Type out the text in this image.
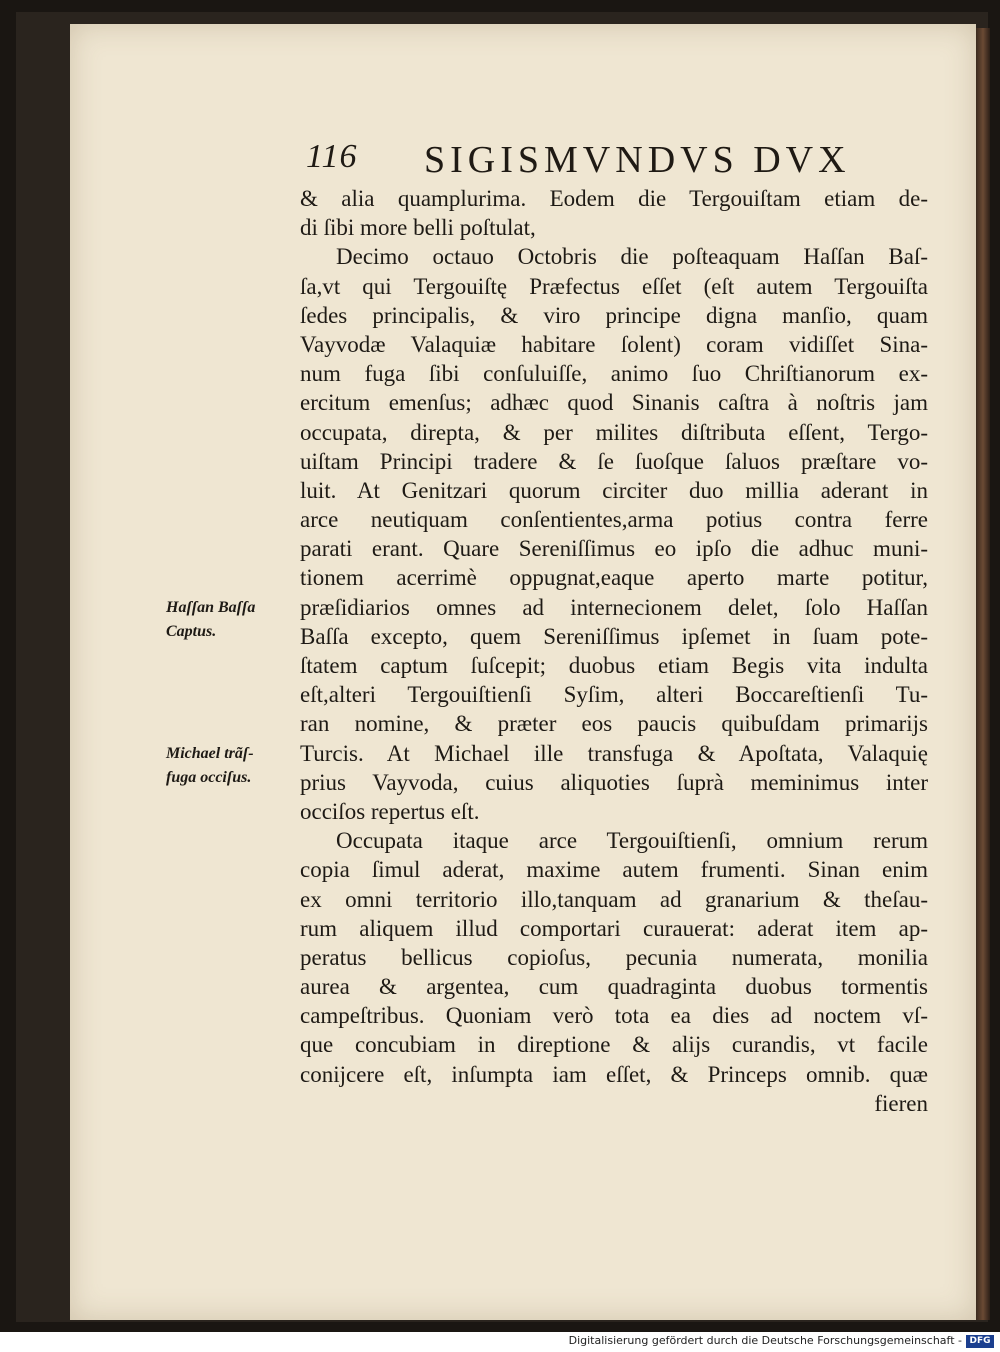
116 SIGISMVNDVS DVX
Haſſan Baſſa
Captus.
Michael trãſ-
fuga occiſus.
& alia quamplurima. Eodem die Tergouiſtam etiam de-
di ſibi more belli poſtulat,
Decimo octauo Octobris die poſteaquam Haſſan Baſ-
ſa,vt qui Tergouiſtę Præfectus eſſet (eſt autem Tergouiſta
ſedes principalis, & viro principe digna manſio, quam
Vayvodæ Valaquiæ habitare ſolent) coram vidiſſet Sina-
num fuga ſibi conſuluiſſe, animo ſuo Chriſtianorum ex-
ercitum emenſus; adhæc quod Sinanis caſtra à noſtris jam
occupata, direpta, & per milites diſtributa eſſent, Tergo-
uiſtam Principi tradere & ſe ſuoſque ſaluos præſtare vo-
luit. At Genitzari quorum circiter duo millia aderant in
arce neutiquam conſentientes,arma potius contra ferre
parati erant. Quare Sereniſſimus eo ipſo die adhuc muni-
tionem acerrimè oppugnat,eaque aperto marte potitur,
præſidiarios omnes ad internecionem delet, ſolo Haſſan
Baſſa excepto, quem Sereniſſimus ipſemet in ſuam pote-
ſtatem captum ſuſcepit; duobus etiam Begis vita indulta
eſt,alteri Tergouiſtienſi Syſim, alteri Boccareſtienſi Tu-
ran nomine, & præter eos paucis quibuſdam primarijs
Turcis. At Michael ille transfuga & Apoſtata, Valaquię
prius Vayvoda, cuius aliquoties ſuprà meminimus inter
occiſos repertus eſt.
Occupata itaque arce Tergouiſtienſi, omnium rerum
copia ſimul aderat, maxime autem frumenti. Sinan enim
ex omni territorio illo,tanquam ad granarium & theſau-
rum aliquem illud comportari curauerat: aderat item ap-
peratus bellicus copioſus, pecunia numerata, monilia
aurea & argentea, cum quadraginta duobus tormentis
campeſtribus. Quoniam verò tota ea dies ad noctem vſ-
que concubiam in direptione & alijs curandis, vt facile
conijcere eſt, inſumpta iam eſſet, & Princeps omnib. quæ
fieren
Digitalisierung gefördert durch die Deutsche Forschungsgemeinschaft - DFG
